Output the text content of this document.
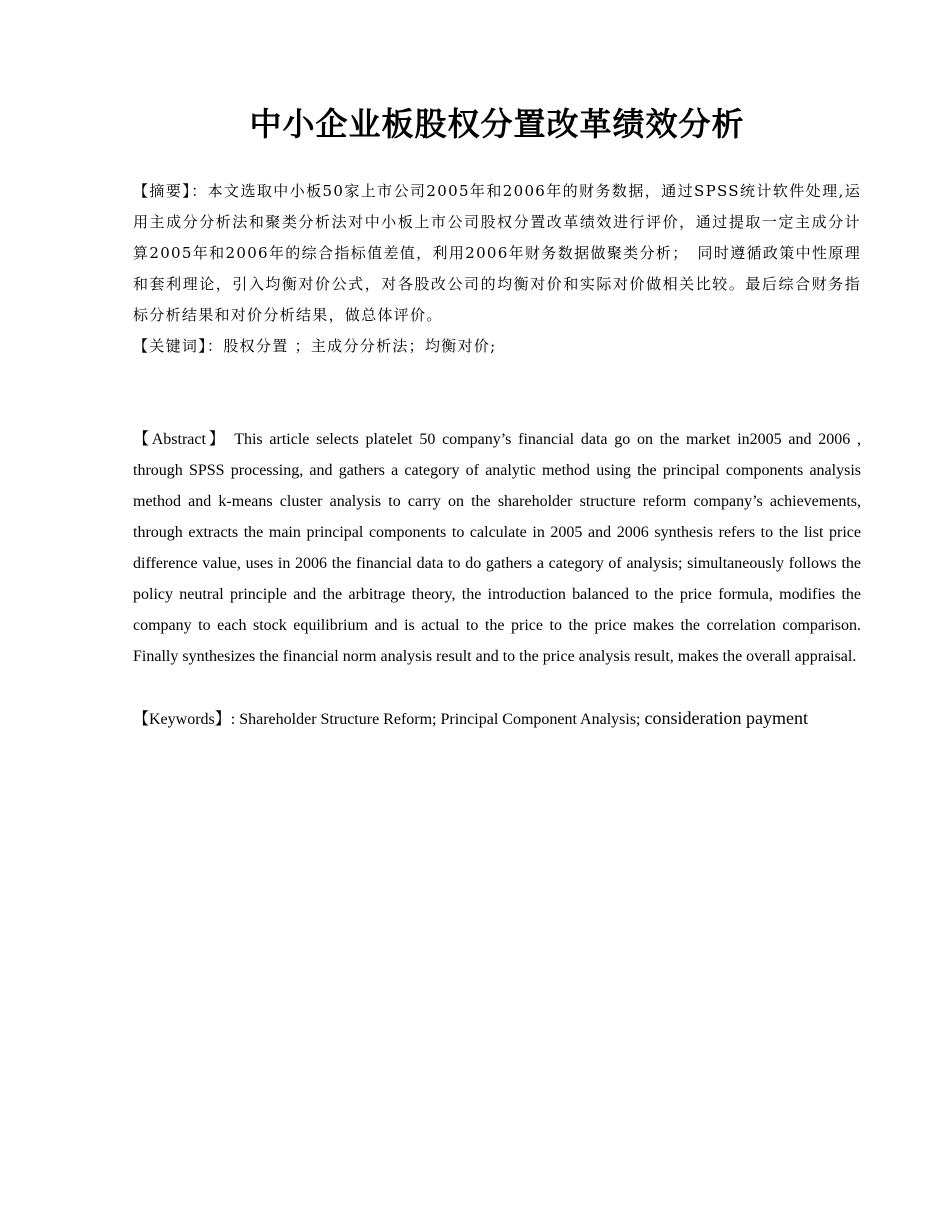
中小企业板股权分置改革绩效分析

【摘要】：本文选取中小板50家上市公司2005年和2006年的财务数据，通过SPSS统计软件处理,运用主成分分析法和聚类分析法对中小板上市公司股权分置改革绩效进行评价，通过提取一定主成分计算2005年和2006年的综合指标值差值，利用2006年财务数据做聚类分析；　同时遵循政策中性原理和套利理论，引入均衡对价公式，对各股改公司的均衡对价和实际对价做相关比较。最后综合财务指标分析结果和对价分析结果，做总体评价。

【关键词】：股权分置 ；主成分分析法；均衡对价;

【Abstract】 This article selects platelet 50 company’s financial data go on the market in2005 and 2006 , through SPSS processing, and gathers a category of analytic method using the principal components analysis method and k-means cluster analysis to carry on the shareholder structure reform company’s achievements, through extracts the main principal components to calculate in 2005 and 2006 synthesis refers to the list price difference value, uses in 2006 the financial data to do gathers a category of analysis; simultaneously follows the policy neutral principle and the arbitrage theory, the introduction balanced to the price formula, modifies the company to each stock equilibrium and is actual to the price to the price makes the correlation comparison. Finally synthesizes the financial norm analysis result and to the price analysis result, makes the overall appraisal.

【Keywords】: Shareholder Structure Reform; Principal Component Analysis; consideration payment
